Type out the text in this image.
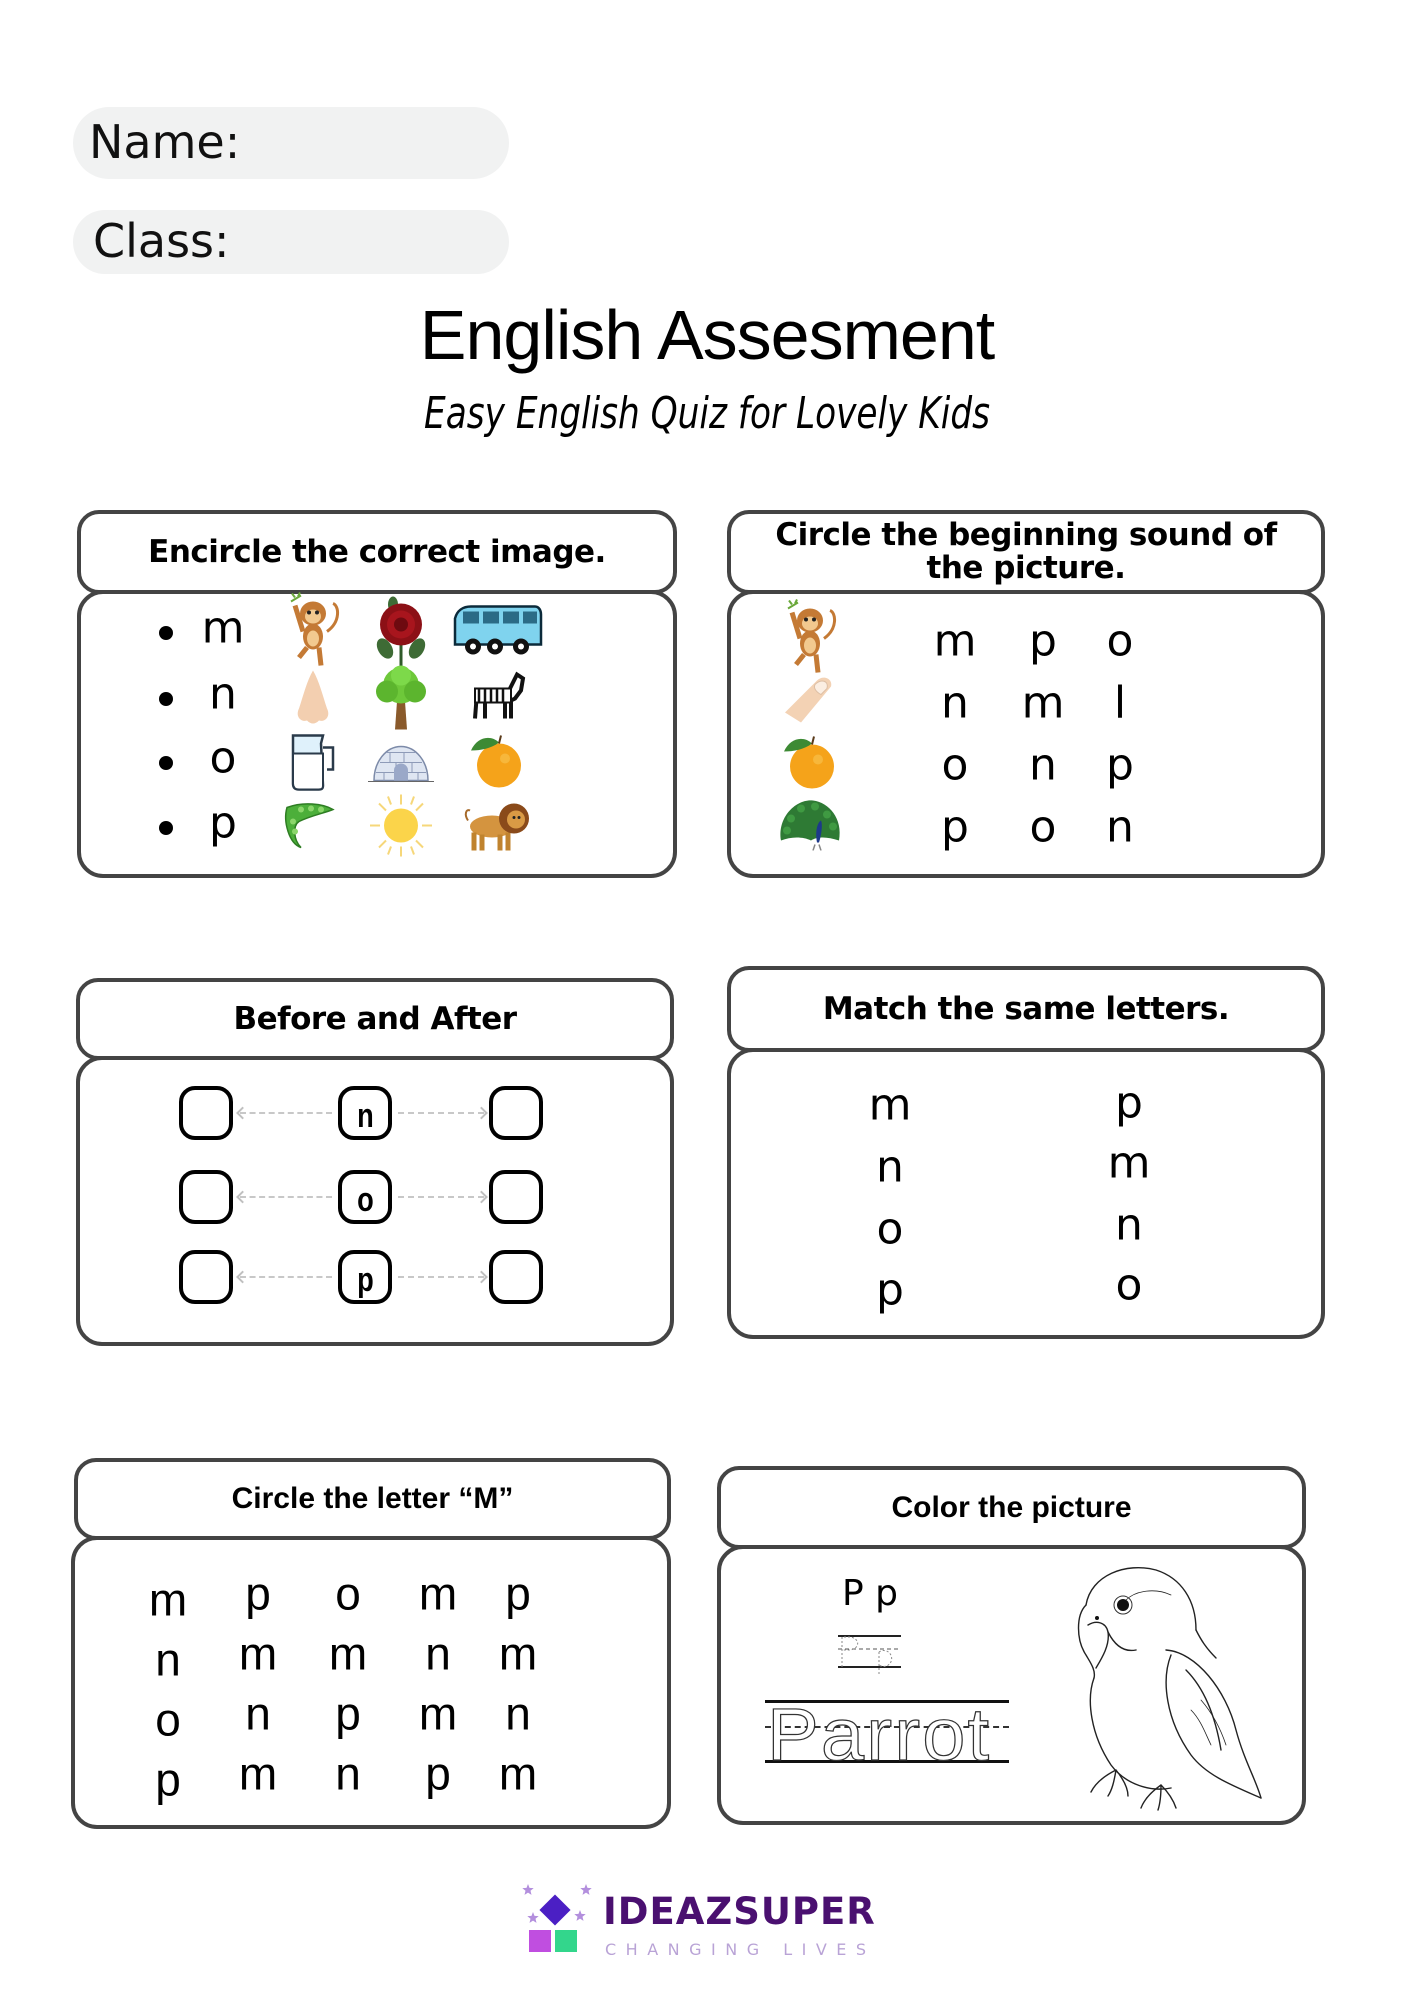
Name:
Class:
English Assesment
Easy English Quiz for Lovely Kids
Encircle the correct image.
m
n
o
p
Circle the beginning sound of the picture.
m p o
n m l
o n p
p o n
Before and After
n
o
p
Match the same letters.
m
n
o
p
p
m
n
o
Circle the letter “M”
m p o m p
n m m n m
o n p m n
p m n p m
Color the picture
P p
Parrot
IDEAZSUPER
CHANGING LIVES
